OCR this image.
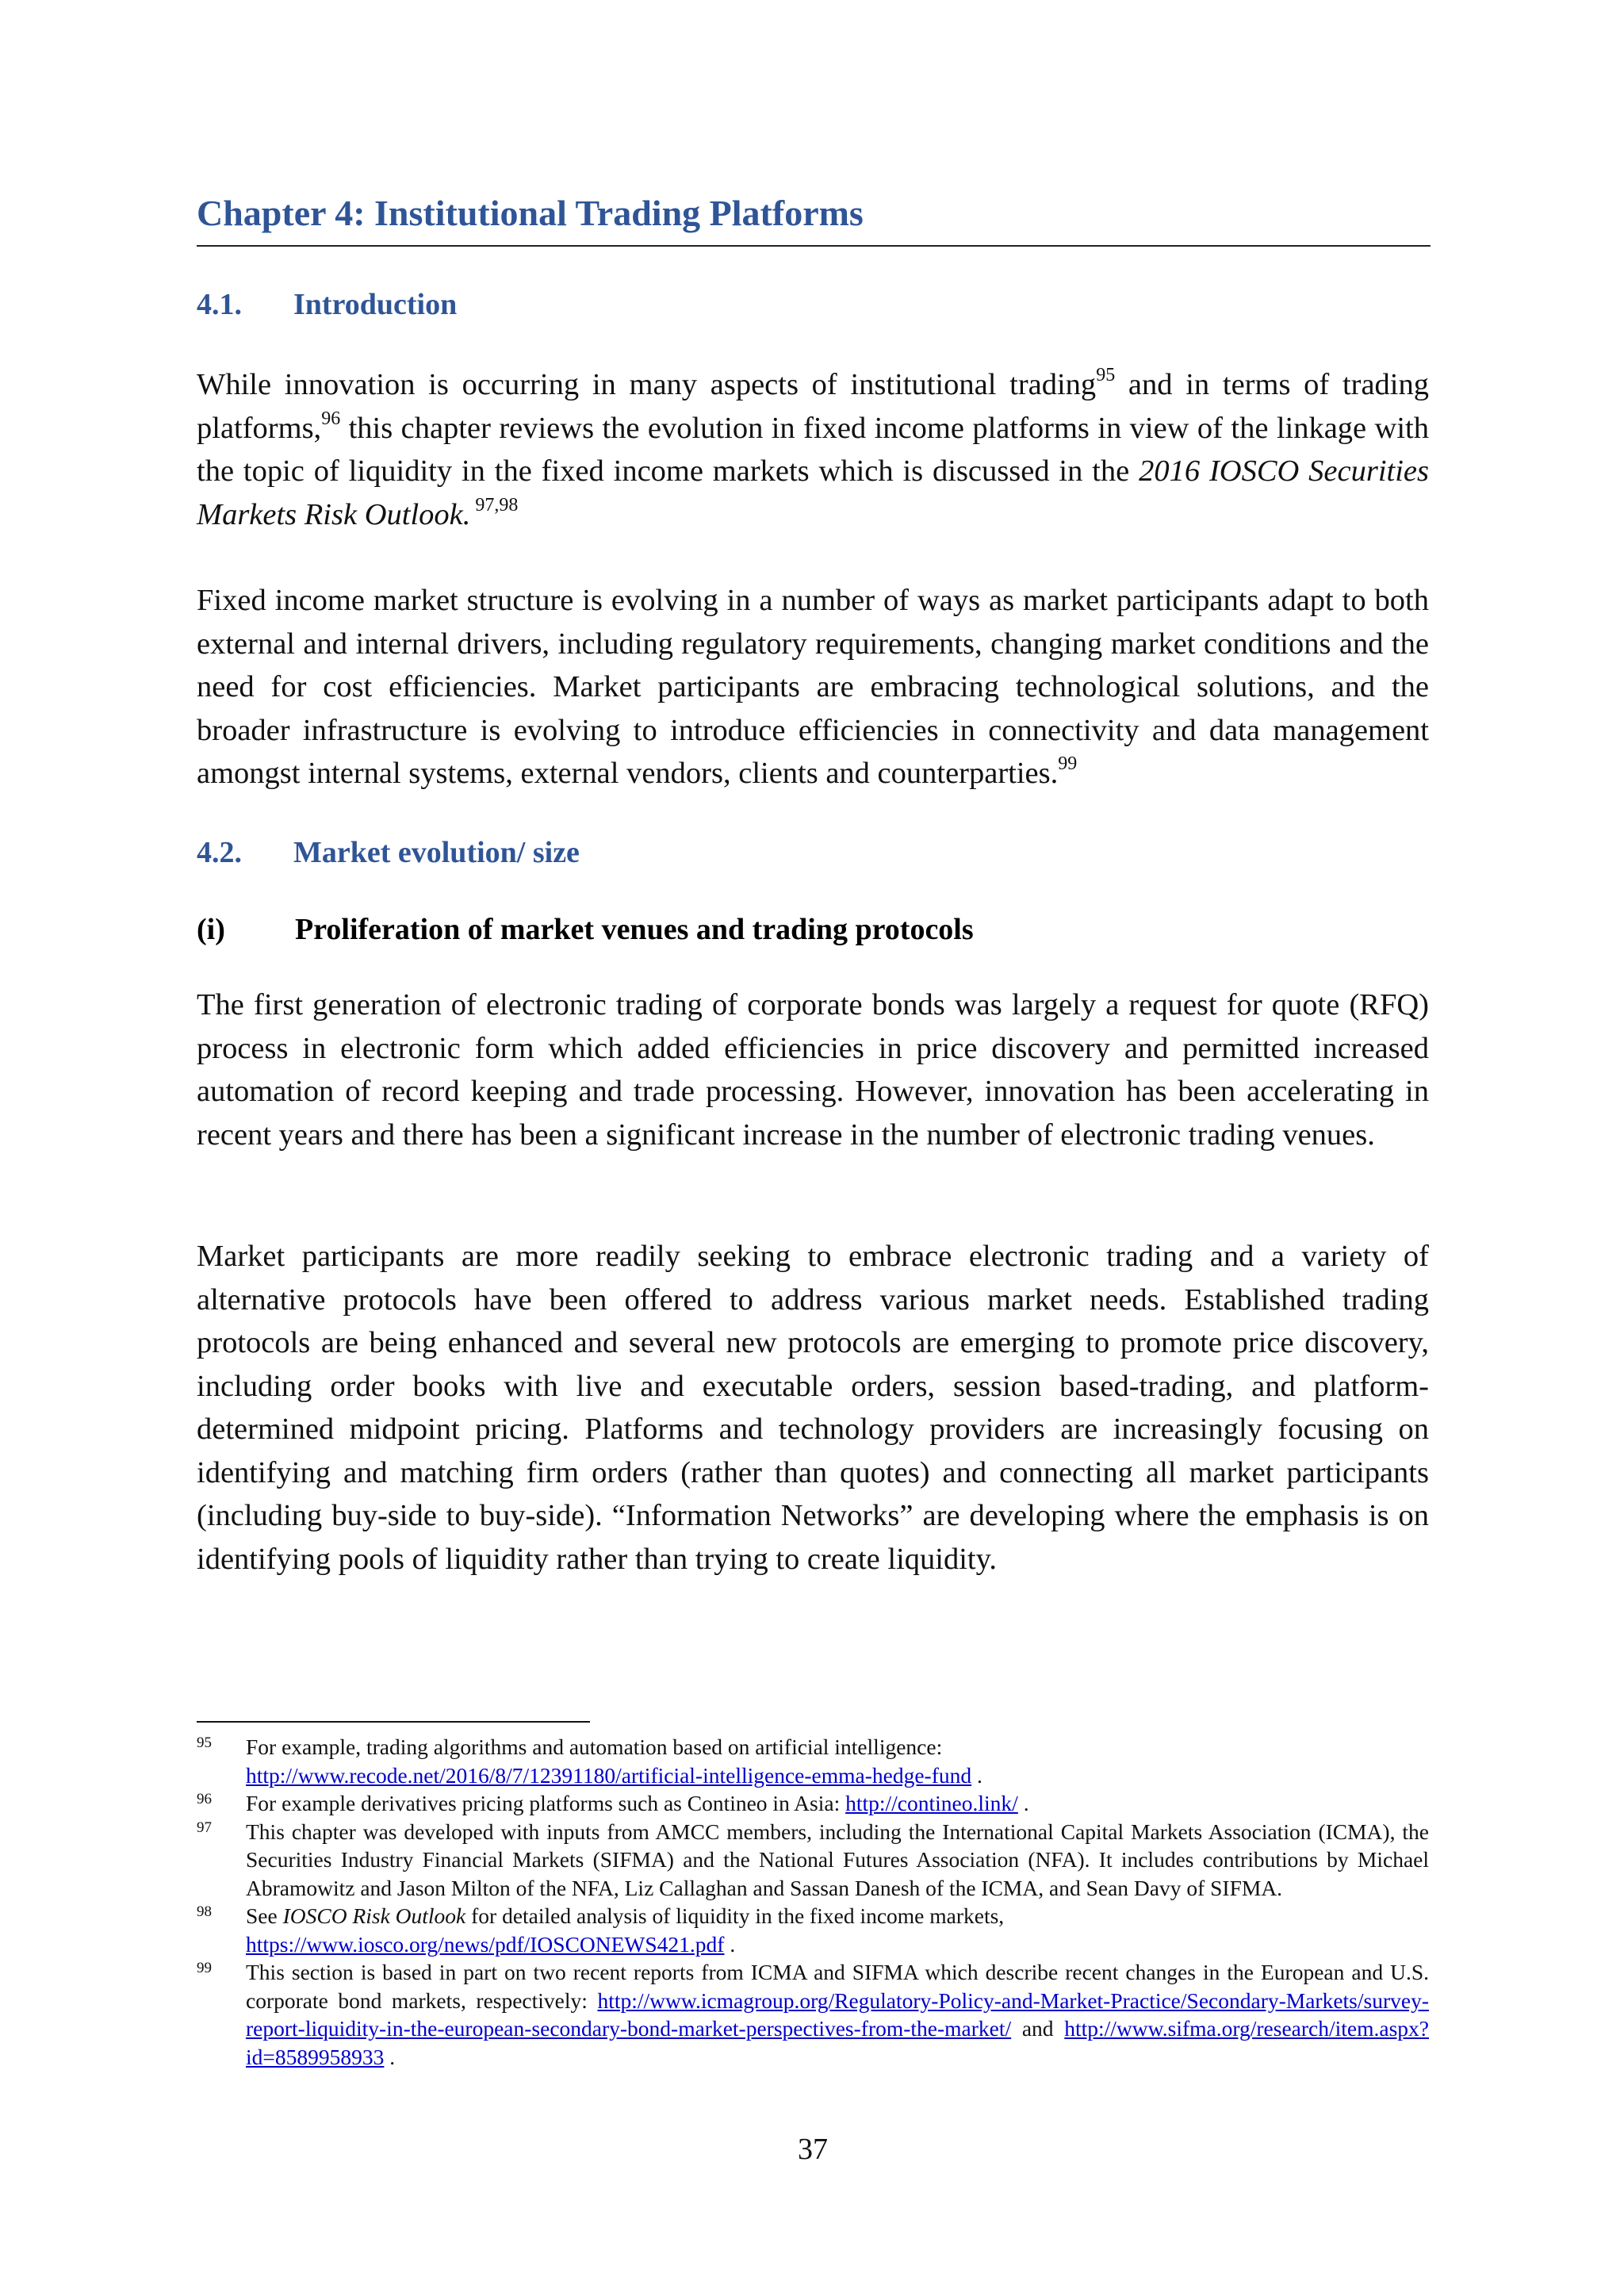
Chapter 4: Institutional Trading Platforms
4.1. Introduction

While innovation is occurring in many aspects of institutional trading$^{95}$ and in terms of trading platforms,$^{96}$ this chapter reviews the evolution in fixed income platforms in view of the linkage with the topic of liquidity in the fixed income markets which is discussed in the 2016 IOSCO Securities Markets Risk Outlook. $^{97,98}$

Fixed income market structure is evolving in a number of ways as market participants adapt to both external and internal drivers, including regulatory requirements, changing market conditions and the need for cost efficiencies. Market participants are embracing technological solutions, and the broader infrastructure is evolving to introduce efficiencies in connectivity and data management amongst internal systems, external vendors, clients and counterparties.$^{99}$

4.2. Market evolution/ size
(i) Proliferation of market venues and trading protocols

The first generation of electronic trading of corporate bonds was largely a request for quote (RFQ) process in electronic form which added efficiencies in price discovery and permitted increased automation of record keeping and trade processing. However, innovation has been accelerating in recent years and there has been a significant increase in the number of electronic trading venues.

Market participants are more readily seeking to embrace electronic trading and a variety of alternative protocols have been offered to address various market needs. Established trading protocols are being enhanced and several new protocols are emerging to promote price discovery, including order books with live and executable orders, session based-trading, and platform-determined midpoint pricing. Platforms and technology providers are increasingly focusing on identifying and matching firm orders (rather than quotes) and connecting all market participants (including buy-side to buy-side). “Information Networks” are developing where the emphasis is on identifying pools of liquidity rather than trying to create liquidity.

95	For example, trading algorithms and automation based on artificial intelligence:
http://www.recode.net/2016/8/7/12391180/artificial-intelligence-emma-hedge-fund .
96	For example derivatives pricing platforms such as Contineo in Asia: http://contineo.link/ .
97	This chapter was developed with inputs from AMCC members, including the International Capital Markets Association (ICMA), the Securities Industry Financial Markets (SIFMA) and the National Futures Association (NFA). It includes contributions by Michael Abramowitz and Jason Milton of the NFA, Liz Callaghan and Sassan Danesh of the ICMA, and Sean Davy of SIFMA.
98	See IOSCO Risk Outlook for detailed analysis of liquidity in the fixed income markets,
https://www.iosco.org/news/pdf/IOSCONEWS421.pdf .
99	This section is based in part on two recent reports from ICMA and SIFMA which describe recent changes in the European and U.S. corporate bond markets, respectively: http://www.icmagroup.org/Regulatory-Policy-and-Market-Practice/Secondary-Markets/survey-report-liquidity-in-the-european-secondary-bond-market-perspectives-from-the-market/ and http://www.sifma.org/research/item.aspx?id=8589958933 .
37
